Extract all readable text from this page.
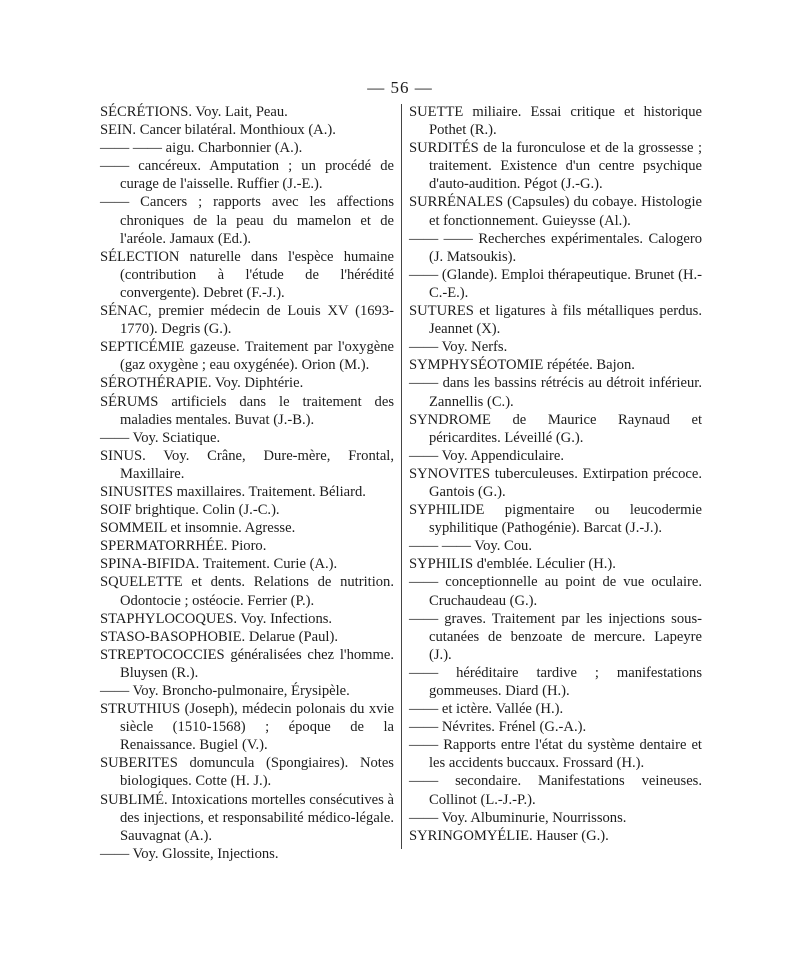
— 56 —

SÉCRÉTIONS. Voy. Lait, Peau.

SEIN. Cancer bilatéral. Monthioux (A.).

—— —— aigu. Charbonnier (A.).

—— cancéreux. Amputation ; un procédé de curage de l'aisselle. Ruffier (J.-E.).

—— Cancers ; rapports avec les affections chroniques de la peau du mamelon et de l'aréole. Jamaux (Ed.).

SÉLECTION naturelle dans l'espèce humaine (contribution à l'étude de l'hérédité convergente). Debret (F.-J.).

SÉNAC, premier médecin de Louis XV (1693-1770). Degris (G.).

SEPTICÉMIE gazeuse. Traitement par l'oxygène (gaz oxygène ; eau oxygénée). Orion (M.).

SÉROTHÉRAPIE. Voy. Diphtérie.

SÉRUMS artificiels dans le traitement des maladies mentales. Buvat (J.-B.).

—— Voy. Sciatique.

SINUS. Voy. Crâne, Dure-mère, Frontal, Maxillaire.

SINUSITES maxillaires. Traitement. Béliard.

SOIF brightique. Colin (J.-C.).

SOMMEIL et insomnie. Agresse.

SPERMATORRHÉE. Pioro.

SPINA-BIFIDA. Traitement. Curie (A.).

SQUELETTE et dents. Relations de nutrition. Odontocie ; ostéocie. Ferrier (P.).

STAPHYLOCOQUES. Voy. Infections.

STASO-BASOPHOBIE. Delarue (Paul).

STREPTOCOCCIES généralisées chez l'homme. Bluysen (R.).

—— Voy. Broncho-pulmonaire, Érysipèle.

STRUTHIUS (Joseph), médecin polonais du xvie siècle (1510-1568) ; époque de la Renaissance. Bugiel (V.).

SUBERITES domuncula (Spongiaires). Notes biologiques. Cotte (H. J.).

SUBLIMÉ. Intoxications mortelles consécutives à des injections, et responsabilité médico-légale. Sauvagnat (A.).

—— Voy. Glossite, Injections.

SUETTE miliaire. Essai critique et historique Pothet (R.).

SURDITÉS de la furonculose et de la grossesse ; traitement. Existence d'un centre psychique d'auto-audition. Pégot (J.-G.).

SURRÉNALES (Capsules) du cobaye. Histologie et fonctionnement. Guieysse (Al.).

—— —— Recherches expérimentales. Calogero (J. Matsoukis).

—— (Glande). Emploi thérapeutique. Brunet (H.-C.-E.).

SUTURES et ligatures à fils métalliques perdus. Jeannet (X).

—— Voy. Nerfs.

SYMPHYSÉOTOMIE répétée. Bajon.

—— dans les bassins rétrécis au détroit inférieur. Zannellis (C.).

SYNDROME de Maurice Raynaud et péricardites. Léveillé (G.).

—— Voy. Appendiculaire.

SYNOVITES tuberculeuses. Extirpation précoce. Gantois (G.).

SYPHILIDE pigmentaire ou leucodermie syphilitique (Pathogénie). Barcat (J.-J.).

—— —— Voy. Cou.

SYPHILIS d'emblée. Léculier (H.).

—— conceptionnelle au point de vue oculaire. Cruchaudeau (G.).

—— graves. Traitement par les injections sous-cutanées de benzoate de mercure. Lapeyre (J.).

—— héréditaire tardive ; manifestations gommeuses. Diard (H.).

—— et ictère. Vallée (H.).

—— Névrites. Frénel (G.-A.).

—— Rapports entre l'état du système dentaire et les accidents buccaux. Frossard (H.).

—— secondaire. Manifestations veineuses. Collinot (L.-J.-P.).

—— Voy. Albuminurie, Nourrissons.

SYRINGOMYÉLIE. Hauser (G.).
